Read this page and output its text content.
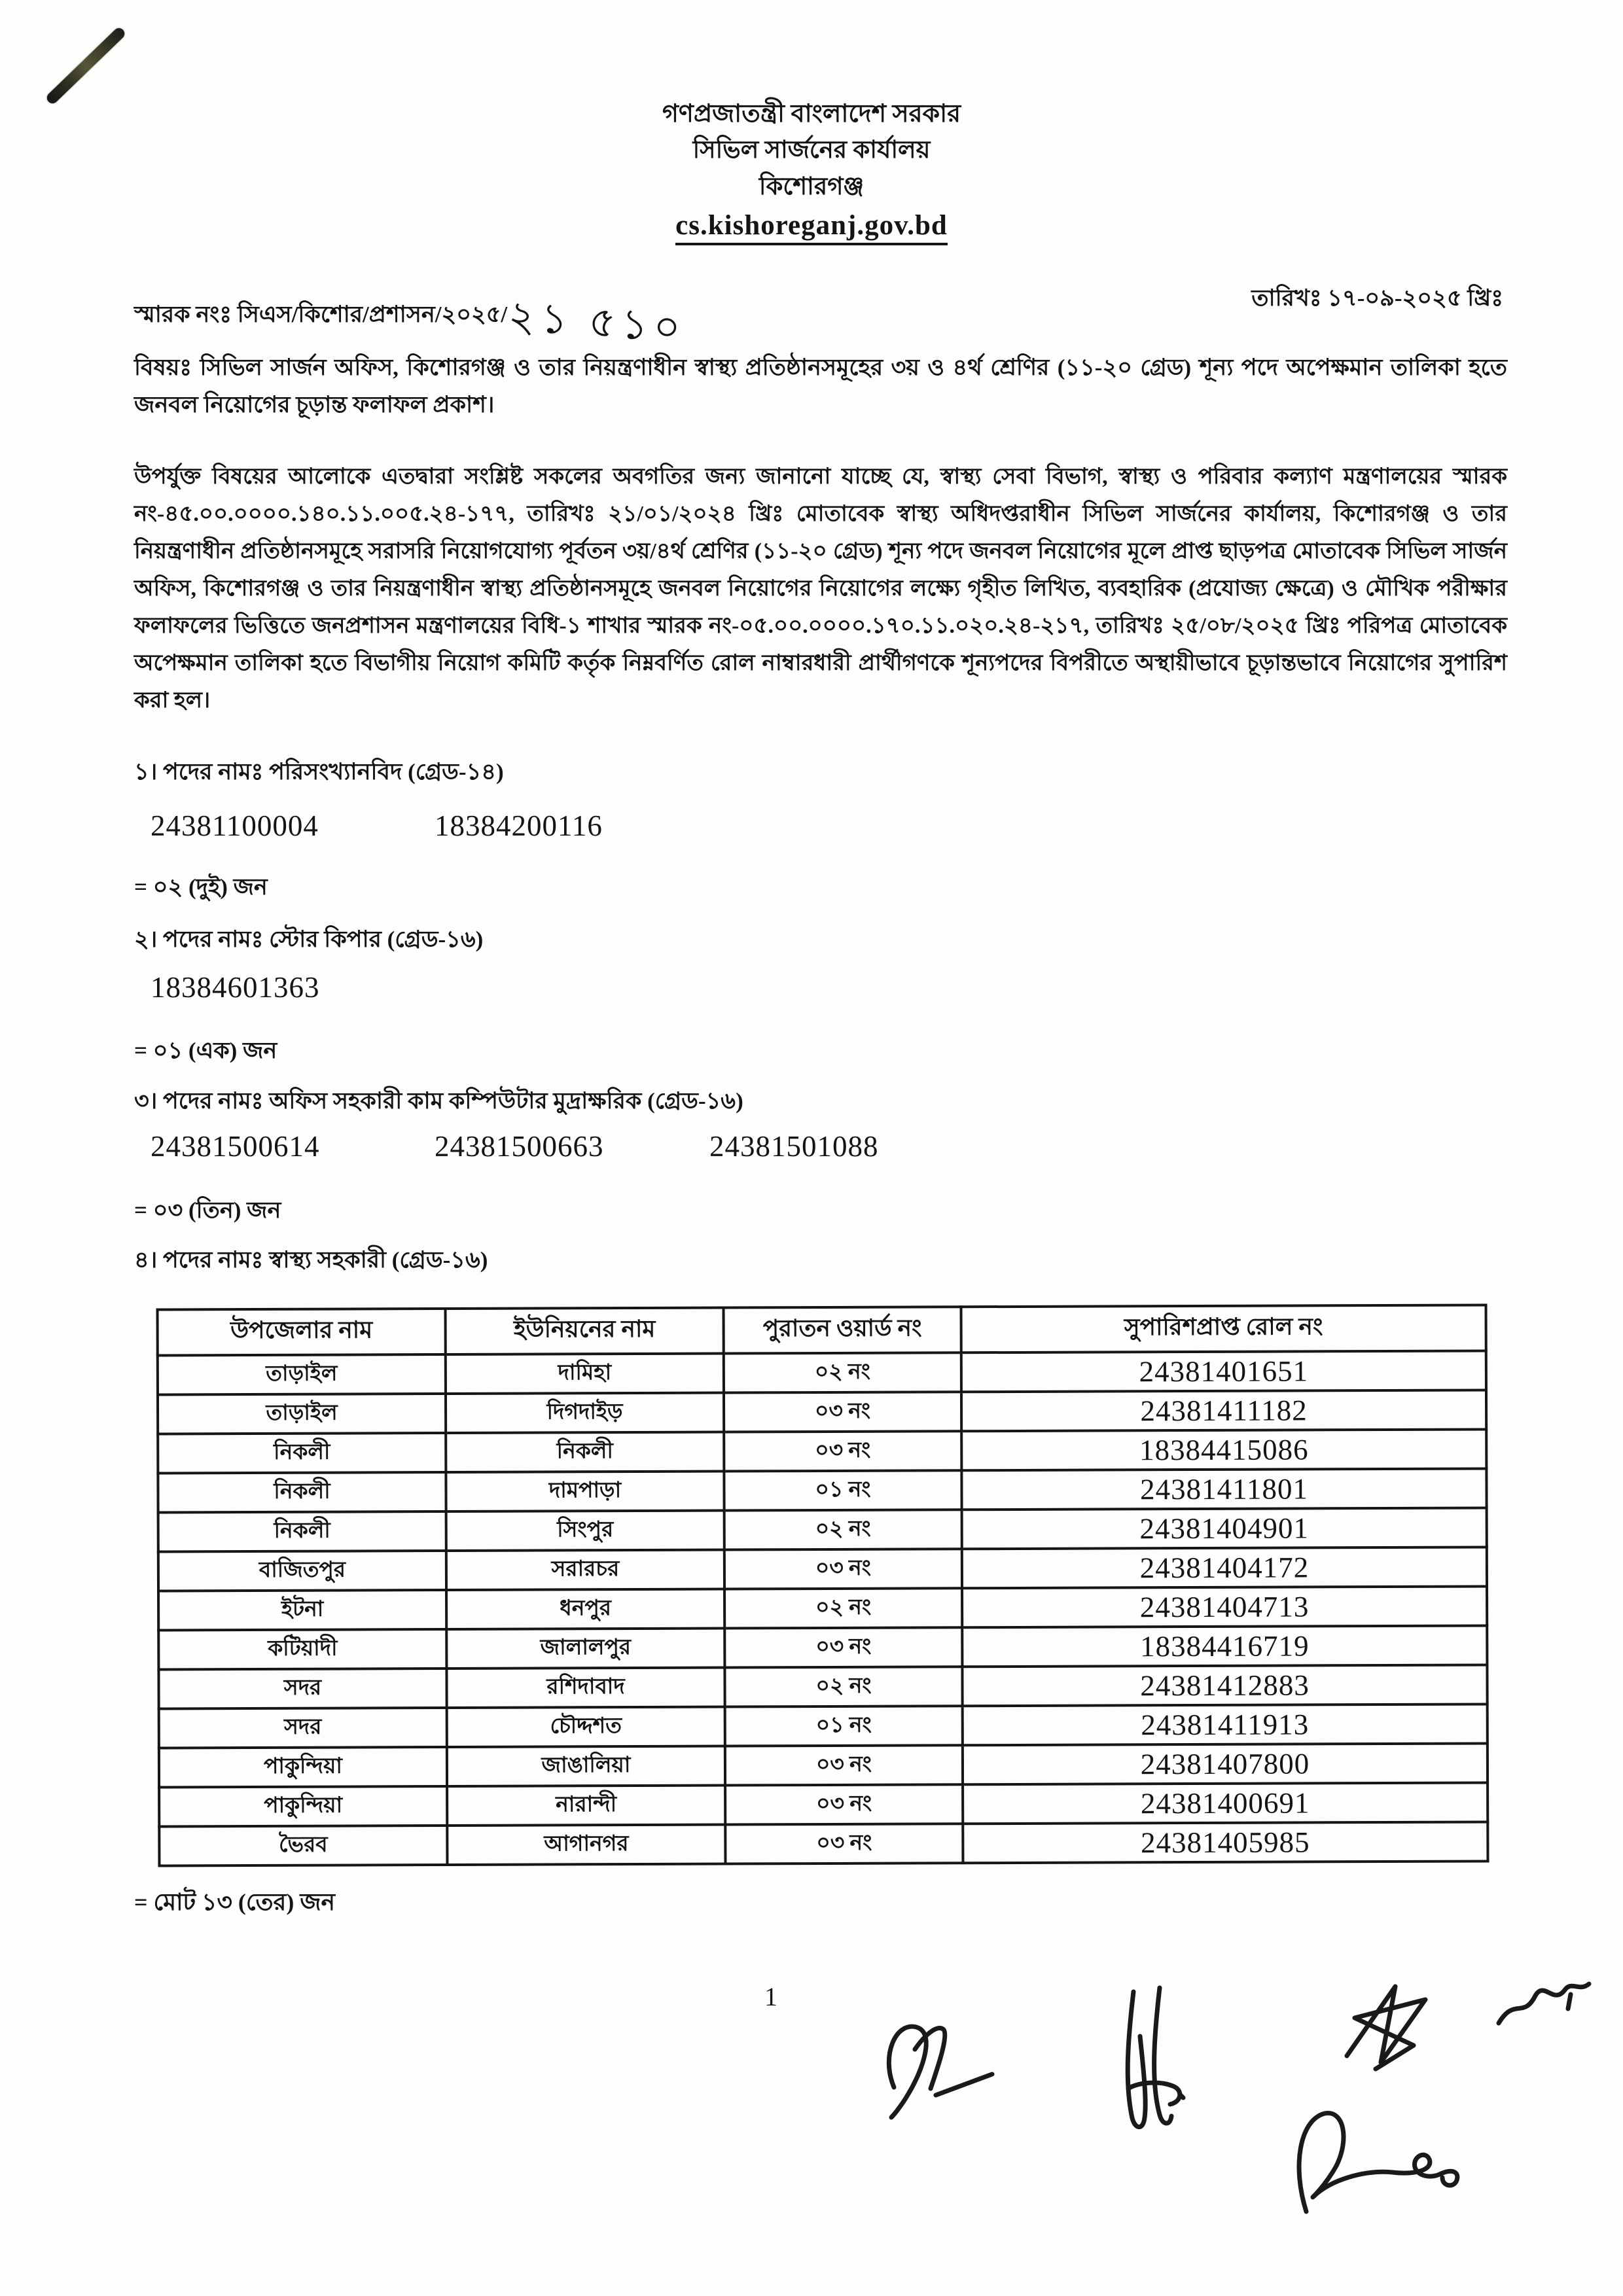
গণপ্রজাতন্ত্রী বাংলাদেশ সরকার
সিভিল সার্জনের কার্যালয়
কিশোরগঞ্জ
cs.kishoreganj.gov.bd
স্মারক নংঃ সিএস/কিশোর/প্রশাসন/২০২৫/২১ ৫১০	তারিখঃ ১৭-০৯-২০২৫ খ্রিঃ

বিষয়ঃ সিভিল সার্জন অফিস, কিশোরগঞ্জ ও তার নিয়ন্ত্রণাধীন স্বাস্থ্য প্রতিষ্ঠানসমূহের ৩য় ও ৪র্থ শ্রেণির (১১-২০ গ্রেড) শূন্য পদে অপেক্ষমান তালিকা হতে জনবল নিয়োগের চূড়ান্ত ফলাফল প্রকাশ।

উপর্যুক্ত বিষয়ের আলোকে এতদ্বারা সংশ্লিষ্ট সকলের অবগতির জন্য জানানো যাচ্ছে যে, স্বাস্থ্য সেবা বিভাগ, স্বাস্থ্য ও পরিবার কল্যাণ মন্ত্রণালয়ের স্মারক নং-৪৫.০০.০০০০.১৪০.১১.০০৫.২৪-১৭৭, তারিখঃ ২১/০১/২০২৪ খ্রিঃ মোতাবেক স্বাস্থ্য অধিদপ্তরাধীন সিভিল সার্জনের কার্যালয়, কিশোরগঞ্জ ও তার নিয়ন্ত্রণাধীন প্রতিষ্ঠানসমূহে সরাসরি নিয়োগযোগ্য পূর্বতন ৩য়/৪র্থ শ্রেণির (১১-২০ গ্রেড) শূন্য পদে জনবল নিয়োগের মূলে প্রাপ্ত ছাড়পত্র মোতাবেক সিভিল সার্জন অফিস, কিশোরগঞ্জ ও তার নিয়ন্ত্রণাধীন স্বাস্থ্য প্রতিষ্ঠানসমূহে জনবল নিয়োগের নিয়োগের লক্ষ্যে গৃহীত লিখিত, ব্যবহারিক (প্রযোজ্য ক্ষেত্রে) ও মৌখিক পরীক্ষার ফলাফলের ভিত্তিতে জনপ্রশাসন মন্ত্রণালয়ের বিধি-১ শাখার স্মারক নং-০৫.০০.০০০০.১৭০.১১.০২০.২৪-২১৭, তারিখঃ ২৫/০৮/২০২৫ খ্রিঃ পরিপত্র মোতাবেক অপেক্ষমান তালিকা হতে বিভাগীয় নিয়োগ কমিটি কর্তৃক নিম্নবর্ণিত রোল নাম্বারধারী প্রার্থীগণকে শূন্যপদের বিপরীতে অস্থায়ীভাবে চূড়ান্তভাবে নিয়োগের সুপারিশ করা হল।

১। পদের নামঃ পরিসংখ্যানবিদ (গ্রেড-১৪)
24381100004	18384200116
= ০২ (দুই) জন
২। পদের নামঃ স্টোর কিপার (গ্রেড-১৬)
18384601363
= ০১ (এক) জন
৩। পদের নামঃ অফিস সহকারী কাম কম্পিউটার মুদ্রাক্ষরিক (গ্রেড-১৬)
24381500614	24381500663	24381501088
= ০৩ (তিন) জন
৪। পদের নামঃ স্বাস্থ্য সহকারী (গ্রেড-১৬)
উপজেলার নাম	ইউনিয়নের নাম	পুরাতন ওয়ার্ড নং	সুপারিশপ্রাপ্ত রোল নং
তাড়াইল	দামিহা	০২ নং	24381401651
তাড়াইল	দিগদাইড়	০৩ নং	24381411182
নিকলী	নিকলী	০৩ নং	18384415086
নিকলী	দামপাড়া	০১ নং	24381411801
নিকলী	সিংপুর	০২ নং	24381404901
বাজিতপুর	সরারচর	০৩ নং	24381404172
ইটনা	ধনপুর	০২ নং	24381404713
কটিয়াদী	জালালপুর	০৩ নং	18384416719
সদর	রশিদাবাদ	০২ নং	24381412883
সদর	চৌদ্দশত	০১ নং	24381411913
পাকুন্দিয়া	জাঙালিয়া	০৩ নং	24381407800
পাকুন্দিয়া	নারান্দী	০৩ নং	24381400691
ভৈরব	আগানগর	০৩ নং	24381405985
= মোট ১৩ (তের) জন
1
